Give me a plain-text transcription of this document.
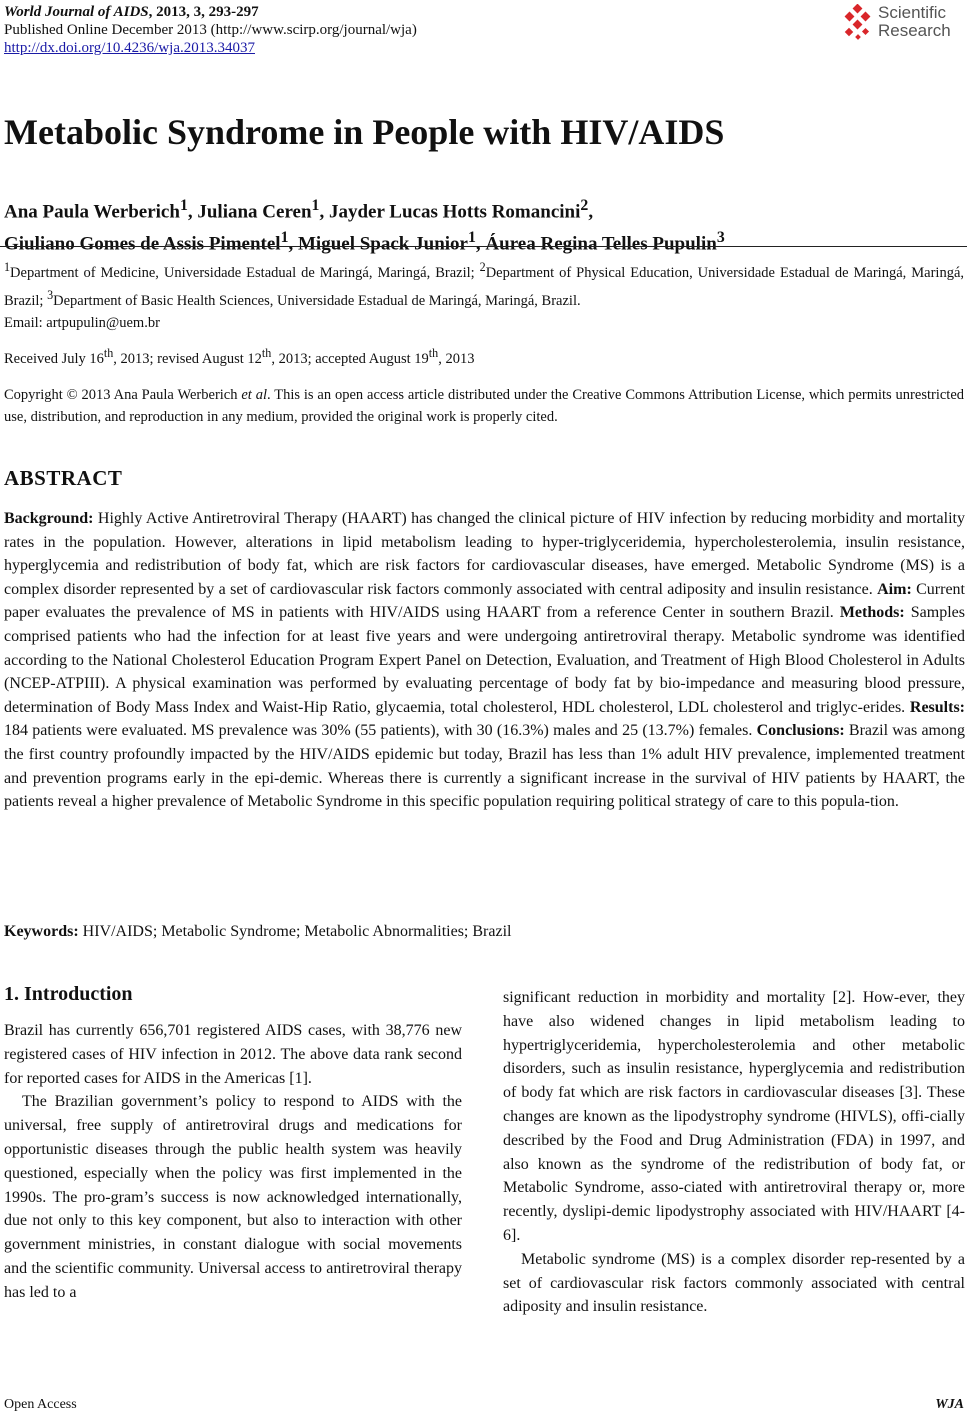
World Journal of AIDS, 2013, 3, 293-297
Published Online December 2013 (http://www.scirp.org/journal/wja)
http://dx.doi.org/10.4236/wja.2013.34037
Scientific
Research
Metabolic Syndrome in People with HIV/AIDS
Ana Paula Werberich$^1$, Juliana Ceren$^1$, Jayder Lucas Hotts Romancini$^2$,
Giuliano Gomes de Assis Pimentel$^1$, Miguel Spack Junior$^1$, Áurea Regina Telles Pupulin$^3$
$^1$Department of Medicine, Universidade Estadual de Maringá, Maringá, Brazil; $^2$Department of Physical Education, Universidade Estadual de Maringá, Maringá, Brazil; $^3$Department of Basic Health Sciences, Universidade Estadual de Maringá, Maringá, Brazil.
Email: artpupulin@uem.br
Received July 16th, 2013; revised August 12th, 2013; accepted August 19th, 2013
Copyright © 2013 Ana Paula Werberich et al. This is an open access article distributed under the Creative Commons Attribution License, which permits unrestricted use, distribution, and reproduction in any medium, provided the original work is properly cited.
ABSTRACT
Background: Highly Active Antiretroviral Therapy (HAART) has changed the clinical picture of HIV infection by reducing morbidity and mortality rates in the population. However, alterations in lipid metabolism leading to hyper-triglyceridemia, hypercholesterolemia, insulin resistance, hyperglycemia and redistribution of body fat, which are risk factors for cardiovascular diseases, have emerged. Metabolic Syndrome (MS) is a complex disorder represented by a set of cardiovascular risk factors commonly associated with central adiposity and insulin resistance. Aim: Current paper evaluates the prevalence of MS in patients with HIV/AIDS using HAART from a reference Center in southern Brazil. Methods: Samples comprised patients who had the infection for at least five years and were undergoing antiretroviral therapy. Metabolic syndrome was identified according to the National Cholesterol Education Program Expert Panel on Detection, Evaluation, and Treatment of High Blood Cholesterol in Adults (NCEP-ATPIII). A physical examination was performed by evaluating percentage of body fat by bio-impedance and measuring blood pressure, determination of Body Mass Index and Waist-Hip Ratio, glycaemia, total cholesterol, HDL cholesterol, LDL cholesterol and triglyc-erides. Results: 184 patients were evaluated. MS prevalence was 30% (55 patients), with 30 (16.3%) males and 25 (13.7%) females. Conclusions: Brazil was among the first country profoundly impacted by the HIV/AIDS epidemic but today, Brazil has less than 1% adult HIV prevalence, implemented treatment and prevention programs early in the epi-demic. Whereas there is currently a significant increase in the survival of HIV patients by HAART, the patients reveal a higher prevalence of Metabolic Syndrome in this specific population requiring political strategy of care to this popula-tion.
Keywords: HIV/AIDS; Metabolic Syndrome; Metabolic Abnormalities; Brazil
1. Introduction

Brazil has currently 656,701 registered AIDS cases, with 38,776 new registered cases of HIV infection in 2012. The above data rank second for reported cases for AIDS in the Americas [1].

The Brazilian government’s policy to respond to AIDS with the universal, free supply of antiretroviral drugs and medications for opportunistic diseases through the public health system was heavily questioned, especially when the policy was first implemented in the 1990s. The pro-gram’s success is now acknowledged internationally, due not only to this key component, but also to interaction with other government ministries, in constant dialogue with social movements and the scientific community. Universal access to antiretroviral therapy has led to a

significant reduction in morbidity and mortality [2]. How-ever, they have also widened changes in lipid metabolism leading to hypertriglyceridemia, hypercholesterolemia and other metabolic disorders, such as insulin resistance, hyperglycemia and redistribution of body fat which are risk factors in cardiovascular diseases [3]. These changes are known as the lipodystrophy syndrome (HIVLS), offi-cially described by the Food and Drug Administration (FDA) in 1997, and also known as the syndrome of the redistribution of body fat, or Metabolic Syndrome, asso-ciated with antiretroviral therapy or, more recently, dyslipi-demic lipodystrophy associated with HIV/HAART [4-6].

Metabolic syndrome (MS) is a complex disorder rep-resented by a set of cardiovascular risk factors commonly associated with central adiposity and insulin resistance.

Open Access	WJA
